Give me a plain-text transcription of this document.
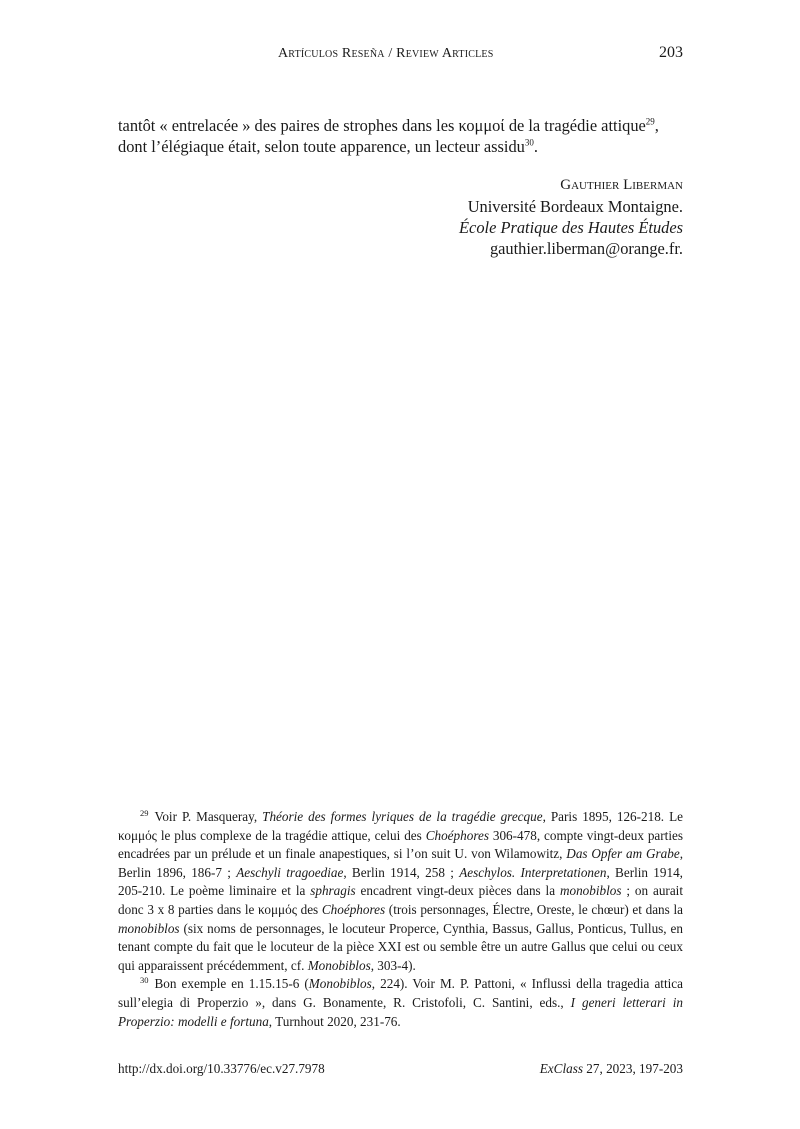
Artículos Reseña / Review Articles	203

tantôt « entrelacée » des paires de strophes dans les κομμοί de la tragédie attique$^{29}$,

dont l’élégiaque était, selon toute apparence, un lecteur assidu$^{30}$.

Gauthier Liberman
Université Bordeaux Montaigne.
École Pratique des Hautes Études
gauthier.liberman@orange.fr.

$^{29}$ Voir P. Masqueray, Théorie des formes lyriques de la tragédie grecque, Paris 1895, 126-218. Le κομμός le plus complexe de la tragédie attique, celui des Choéphores 306-478, compte vingt-deux parties encadrées par un prélude et un finale anapestiques, si l’on suit U. von Wilamowitz, Das Opfer am Grabe, Berlin 1896, 186-7 ; Aeschyli tragoediae, Berlin 1914, 258 ; Aeschylos. Interpretationen, Berlin 1914, 205-210. Le poème liminaire et la sphragis encadrent vingt-deux pièces dans la monobiblos ; on aurait donc 3 x 8 parties dans le κομμός des Choéphores (trois personnages, Électre, Oreste, le chœur) et dans la monobiblos (six noms de personnages, le locuteur Properce, Cynthia, Bassus, Gallus, Ponticus, Tullus, en tenant compte du fait que le locuteur de la pièce XXI est ou semble être un autre Gallus que celui ou ceux qui apparaissent précédemment, cf. Monobiblos, 303-4).

$^{30}$ Bon exemple en 1.15.15-6 (Monobiblos, 224). Voir M. P. Pattoni, « Influssi della tragedia attica sull’elegia di Properzio », dans G. Bonamente, R. Cristofoli, C. Santini, eds., I generi letterari in Properzio: modelli e fortuna, Turnhout 2020, 231-76.

http://dx.doi.org/10.33776/ec.v27.7978	ExClass 27, 2023, 197-203
